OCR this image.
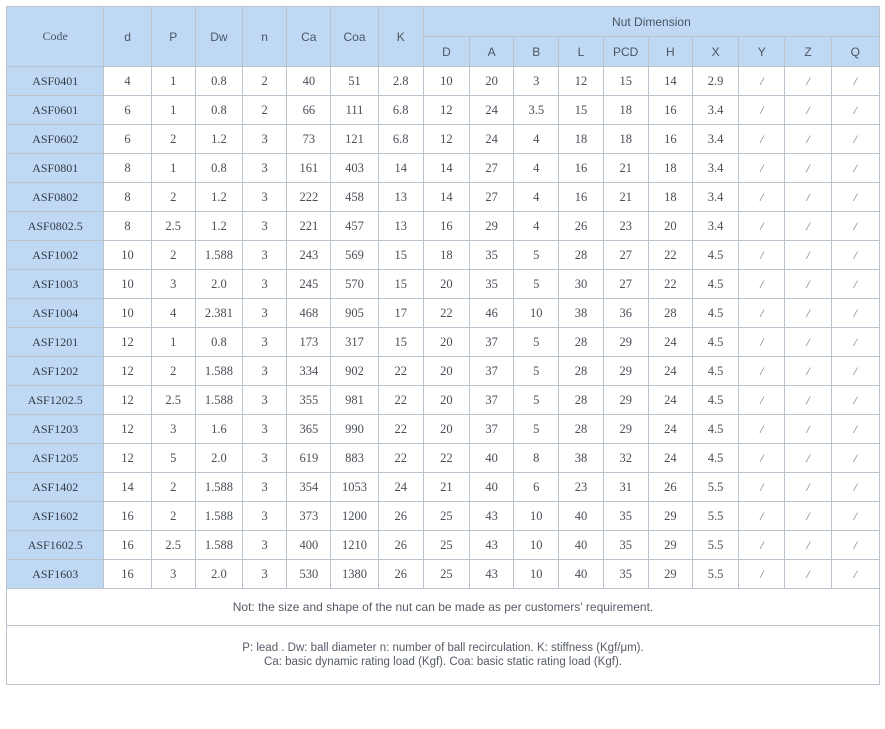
Code	d	P	Dw	n	Ca	Coa	K	Nut Dimension									
								D	A	B	L	PCD	H	X	Y	Z	Q
ASF0401	4	1	0.8	2	40	51	2.8	10	20	3	12	15	14	2.9	/	/	/
ASF0601	6	1	0.8	2	66	111	6.8	12	24	3.5	15	18	16	3.4	/	/	/
ASF0602	6	2	1.2	3	73	121	6.8	12	24	4	18	18	16	3.4	/	/	/
ASF0801	8	1	0.8	3	161	403	14	14	27	4	16	21	18	3.4	/	/	/
ASF0802	8	2	1.2	3	222	458	13	14	27	4	16	21	18	3.4	/	/	/
ASF0802.5	8	2.5	1.2	3	221	457	13	16	29	4	26	23	20	3.4	/	/	/
ASF1002	10	2	1.588	3	243	569	15	18	35	5	28	27	22	4.5	/	/	/
ASF1003	10	3	2.0	3	245	570	15	20	35	5	30	27	22	4.5	/	/	/
ASF1004	10	4	2.381	3	468	905	17	22	46	10	38	36	28	4.5	/	/	/
ASF1201	12	1	0.8	3	173	317	15	20	37	5	28	29	24	4.5	/	/	/
ASF1202	12	2	1.588	3	334	902	22	20	37	5	28	29	24	4.5	/	/	/
ASF1202.5	12	2.5	1.588	3	355	981	22	20	37	5	28	29	24	4.5	/	/	/
ASF1203	12	3	1.6	3	365	990	22	20	37	5	28	29	24	4.5	/	/	/
ASF1205	12	5	2.0	3	619	883	22	22	40	8	38	32	24	4.5	/	/	/
ASF1402	14	2	1.588	3	354	1053	24	21	40	6	23	31	26	5.5	/	/	/
ASF1602	16	2	1.588	3	373	1200	26	25	43	10	40	35	29	5.5	/	/	/
ASF1602.5	16	2.5	1.588	3	400	1210	26	25	43	10	40	35	29	5.5	/	/	/
ASF1603	16	3	2.0	3	530	1380	26	25	43	10	40	35	29	5.5	/	/	/
Not: the size and shape of the nut can be made as per customers' requirement.
P: lead . Dw: ball diameter n: number of ball recirculation. K: stiffness (Kgf/μm).
Ca: basic dynamic rating load (Kgf). Coa: basic static rating load (Kgf).
